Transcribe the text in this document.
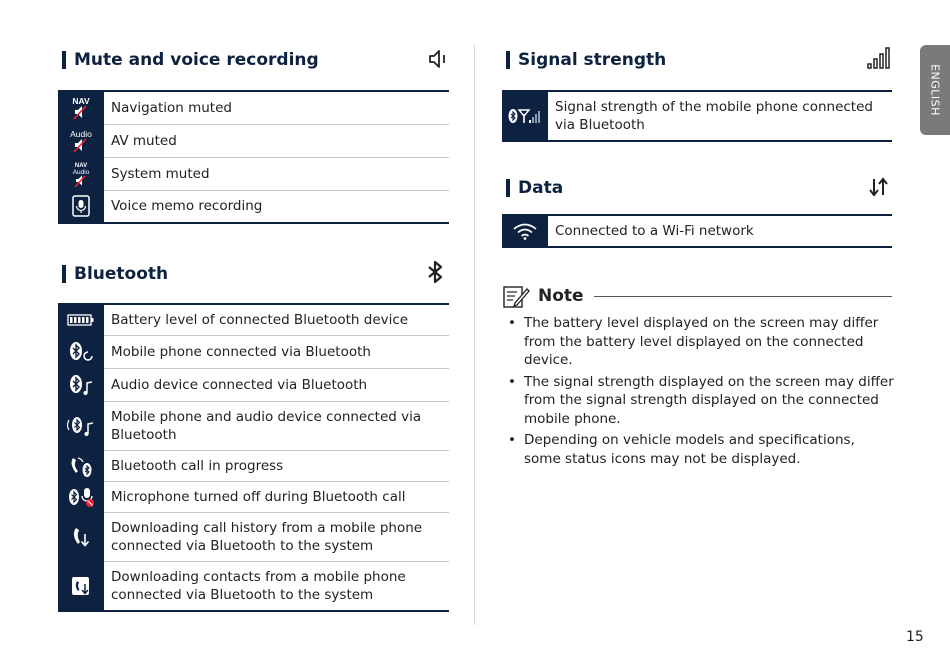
Mute and voice recording
NAV	Navigation muted

Audio	AV muted

NAV
Audio	System muted

	Voice memo recording
Bluetooth
	Battery level of connected Bluetooth device

	Mobile phone connected via Bluetooth

	Audio device connected via Bluetooth

	Mobile phone and audio device connected via Bluetooth

	Bluetooth call in progress

	Microphone turned off during Bluetooth call

	Downloading call history from a mobile phone connected via Bluetooth to the system

	Downloading contacts from a mobile phone connected via Bluetooth to the system
Signal strength
	Signal strength of the mobile phone connected via Bluetooth
Data
	Connected to a Wi-Fi network
Note
• The battery level displayed on the screen may differ from the battery level displayed on the connected device.
• The signal strength displayed on the screen may differ from the signal strength displayed on the connected mobile phone.
• Depending on vehicle models and specifications, some status icons may not be displayed.
ENGLISH
15
